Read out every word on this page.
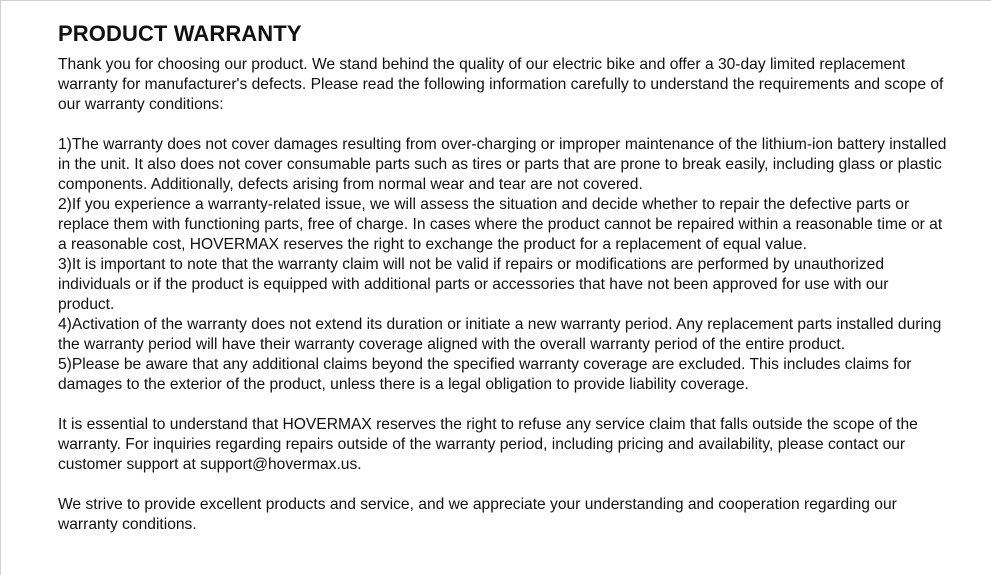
PRODUCT WARRANTY

Thank you for choosing our product. We stand behind the quality of our electric bike and offer a 30-day limited replacement warranty for manufacturer's defects. Please read the following information carefully to understand the requirements and scope of our warranty conditions:

1)The warranty does not cover damages resulting from over-charging or improper maintenance of the lithium-ion battery installed in the unit. It also does not cover consumable parts such as tires or parts that are prone to break easily, including glass or plastic components. Additionally, defects arising from normal wear and tear are not covered.

2)If you experience a warranty-related issue, we will assess the situation and decide whether to repair the defective parts or replace them with functioning parts, free of charge. In cases where the product cannot be repaired within a reasonable time or at a reasonable cost, HOVERMAX reserves the right to exchange the product for a replacement of equal value.

3)It is important to note that the warranty claim will not be valid if repairs or modifications are performed by unauthorized individuals or if the product is equipped with additional parts or accessories that have not been approved for use with our product.

4)Activation of the warranty does not extend its duration or initiate a new warranty period. Any replacement parts installed during the warranty period will have their warranty coverage aligned with the overall warranty period of the entire product.

5)Please be aware that any additional claims beyond the specified warranty coverage are excluded. This includes claims for damages to the exterior of the product, unless there is a legal obligation to provide liability coverage.

It is essential to understand that HOVERMAX reserves the right to refuse any service claim that falls outside the scope of the warranty. For inquiries regarding repairs outside of the warranty period, including pricing and availability, please contact our customer support at support@hovermax.us.

We strive to provide excellent products and service, and we appreciate your understanding and cooperation regarding our warranty conditions.
